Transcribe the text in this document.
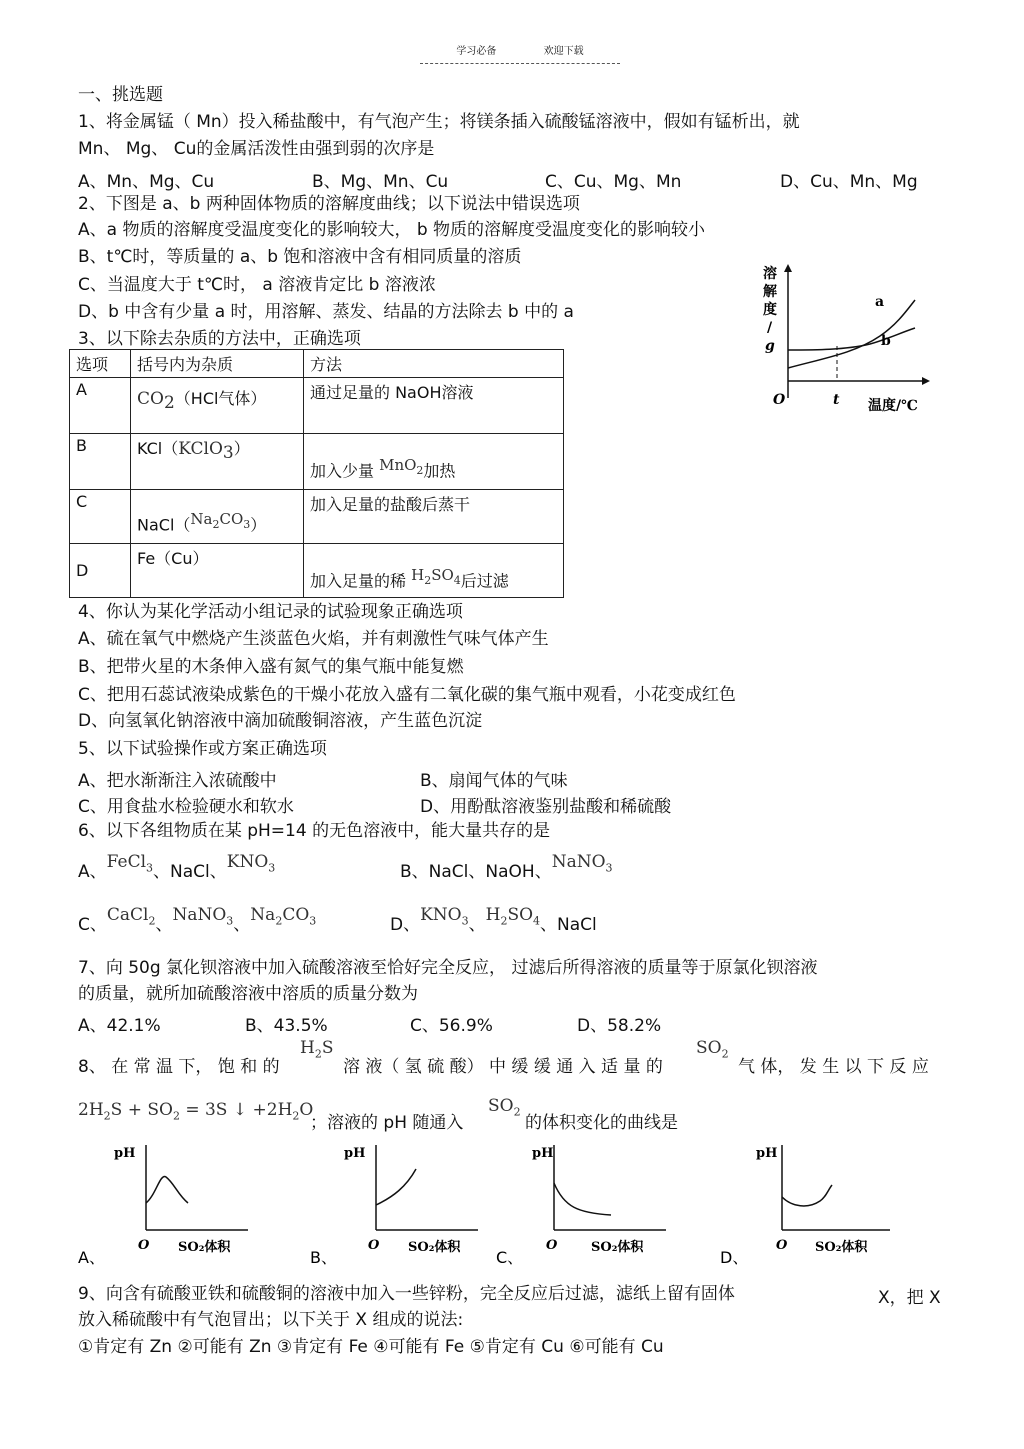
学习必备	欢迎下载
一、挑选题
1、将金属锰（ Mn）投入稀盐酸中，有气泡产生；将镁条插入硫酸锰溶液中，假如有锰析出，就
Mn、 Mg、 Cu的金属活泼性由强到弱的次序是
A、Mn、Mg、Cu	B、Mg、Mn、Cu	C、Cu、Mg、Mn	D、Cu、Mn、Mg
2、下图是 a、b 两种固体物质的溶解度曲线；以下说法中错误选项
A、a 物质的溶解度受温度变化的影响较大， b 物质的溶解度受温度变化的影响较小
B、t℃时，等质量的 a、b 饱和溶液中含有相同质量的溶质
C、当温度大于 t℃时， a 溶液肯定比 b 溶液浓
D、b 中含有少量 a 时，用溶解、蒸发、结晶的方法除去 b 中的 a
溶
解
度
/
g
O	t 温度/℃
a
b
3、以下除去杂质的方法中，正确选项
选项	括号内为杂质	方法
A	$CO_2(HCl$气体）	通过足量的 NaOH溶液
B	KCl（KClO$_3$）	加入少量 $^{MnO_2}$加热
C	NaCl（$^{Na_2CO_3}$）	加入足量的盐酸后蒸干
D	Fe（Cu）	加入足量的稀 $^{H_2SO_4}$后过滤
4、你认为某化学活动小组记录的试验现象正确选项
A、硫在氧气中燃烧产生淡蓝色火焰，并有刺激性气味气体产生
B、把带火星的木条伸入盛有氮气的集气瓶中能复燃
C、把用石蕊试液染成紫色的干燥小花放入盛有二氧化碳的集气瓶中观看，小花变成红色
D、向氢氧化钠溶液中滴加硫酸铜溶液，产生蓝色沉淀
5、以下试验操作或方案正确选项
A、把水渐渐注入浓硫酸中	B、扇闻气体的气味
C、用食盐水检验硬水和软水	D、用酚酞溶液鉴别盐酸和稀硫酸
6、以下各组物质在某 pH=14 的无色溶液中，能大量共存的是
A、FeCl$_3$、NaCl、$KNO_3$	B、NaCl、NaOH、NaNO$_3$
C、CaCl$_2$、NaNO$_3$、$Na_2CO_3$	D、$KNO_3$、$H_2SO_4$、NaCl
7、向 50g 氯化钡溶液中加入硫酸溶液至恰好完全反应， 过滤后所得溶液的质量等于原氯化钡溶液
的质量，就所加硫酸溶液中溶质的质量分数为
A、42.1%	B、43.5%	C、56.9%	D、58.2%
8、 在 常 温 下， 饱 和 的
$H_2S$
溶 液（ 氢 硫 酸） 中 缓 缓 通 入 适 量 的
$SO_2$
气 体， 发 生 以 下 反 应
$2H_2S + SO_2 = 3S$ ↓ $+2H_2O$
；溶液的 pH 随通入
$SO_2$
的体积变化的曲线是
pH
O SO₂体积
A、
pH
O SO₂体积
B、
pH
O	SO₂体积
C、
pH
O SO₂体积
D、
9、向含有硫酸亚铁和硫酸铜的溶液中加入一些锌粉，完全反应后过滤，滤纸上留有固体	X，把 X
放入稀硫酸中有气泡冒出；以下关于 X 组成的说法:
①肯定有 Zn ②可能有 Zn ③肯定有 Fe ④可能有 Fe ⑤肯定有 Cu ⑥可能有 Cu
